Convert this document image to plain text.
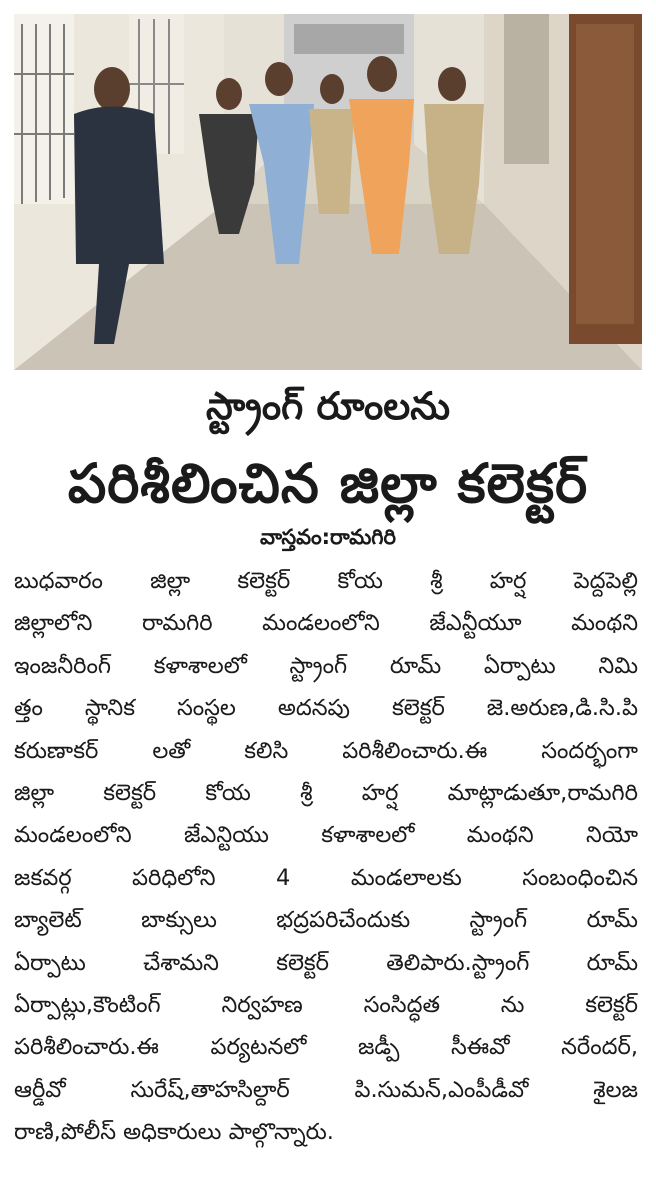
స్ట్రాంగ్ రూంలను
పరిశీలించిన జిల్లా కలెక్టర్
వాస్తవం:రామగిరి
బుధవారం జిల్లా కలెక్టర్ కోయ శ్రీ హర్ష పెద్దపెల్లి
జిల్లాలోని రామగిరి మండలంలోని జేఎన్టీయూ మంథని
ఇంజనీరింగ్ కళాశాలలో స్ట్రాంగ్ రూమ్ ఏర్పాటు నిమి
త్తం స్థానిక సంస్థల అదనపు కలెక్టర్ జె.అరుణ,డి.సి.పి
కరుణాకర్ లతో కలిసి పరిశీలించారు.ఈ సందర్భంగా
జిల్లా కలెక్టర్ కోయ శ్రీ హర్ష మాట్లాడుతూ,రామగిరి
మండలంలోని జేఎన్టియు కళాశాలలో మంథని నియో
జకవర్గ పరిధిలోని 4 మండలాలకు సంబంధించిన
బ్యాలెట్ బాక్సులు భద్రపరిచేందుకు స్ట్రాంగ్ రూమ్
ఏర్పాటు చేశామని కలెక్టర్ తెలిపారు.స్ట్రాంగ్ రూమ్
ఏర్పాట్లు,కౌంటింగ్ నిర్వహణ సంసిద్ధత ను కలెక్టర్
పరిశీలించారు.ఈ పర్యటనలో జడ్పీ సీఈవో నరేందర్,
ఆర్డీవో సురేష్,తాహసిల్దార్ పి.సుమన్,ఎంపీడీవో శైలజ
రాణి,పోలీస్ అధికారులు పాల్గొన్నారు.
